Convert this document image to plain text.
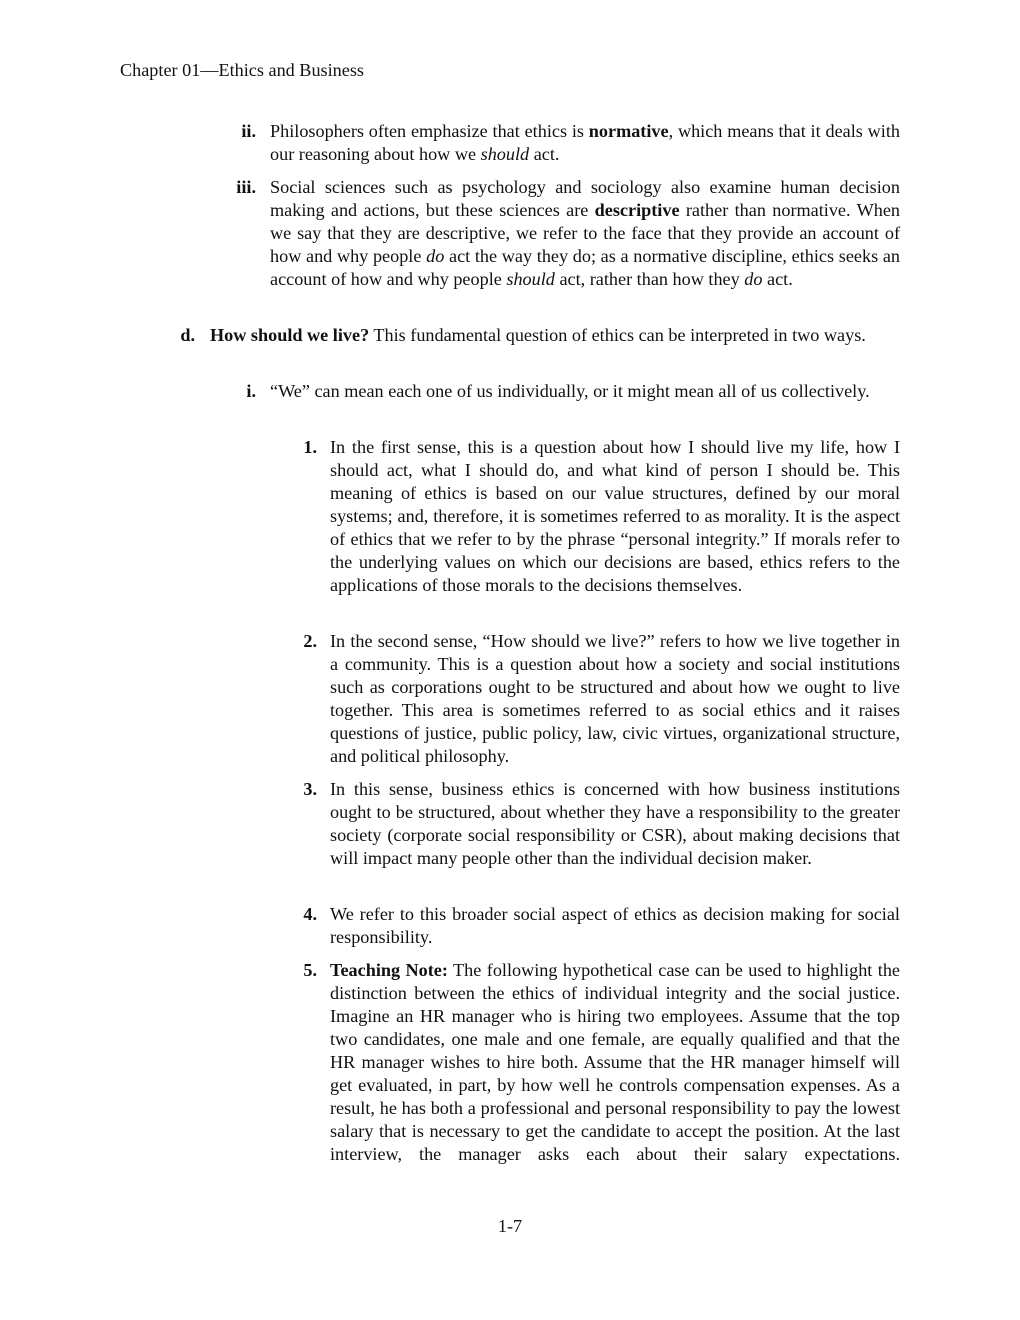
Chapter 01—Ethics and Business
ii. Philosophers often emphasize that ethics is normative, which means that it deals with our reasoning about how we should act.
iii. Social sciences such as psychology and sociology also examine human decision making and actions, but these sciences are descriptive rather than normative. When we say that they are descriptive, we refer to the face that they provide an account of how and why people do act the way they do; as a normative discipline, ethics seeks an account of how and why people should act, rather than how they do act.
d. How should we live? This fundamental question of ethics can be interpreted in two ways.
i. “We” can mean each one of us individually, or it might mean all of us collectively.
1. In the first sense, this is a question about how I should live my life, how I should act, what I should do, and what kind of person I should be. This meaning of ethics is based on our value structures, defined by our moral systems; and, therefore, it is sometimes referred to as morality. It is the aspect of ethics that we refer to by the phrase “personal integrity.” If morals refer to the underlying values on which our decisions are based, ethics refers to the applications of those morals to the decisions themselves.
2. In the second sense, “How should we live?” refers to how we live together in a community. This is a question about how a society and social institutions such as corporations ought to be structured and about how we ought to live together. This area is sometimes referred to as social ethics and it raises questions of justice, public policy, law, civic virtues, organizational structure, and political philosophy.
3. In this sense, business ethics is concerned with how business institutions ought to be structured, about whether they have a responsibility to the greater society (corporate social responsibility or CSR), about making decisions that will impact many people other than the individual decision maker.
4. We refer to this broader social aspect of ethics as decision making for social responsibility.
5. Teaching Note: The following hypothetical case can be used to highlight the distinction between the ethics of individual integrity and the social justice. Imagine an HR manager who is hiring two employees. Assume that the top two candidates, one male and one female, are equally qualified and that the HR manager wishes to hire both. Assume that the HR manager himself will get evaluated, in part, by how well he controls compensation expenses. As a result, he has both a professional and personal responsibility to pay the lowest salary that is necessary to get the candidate to accept the position. At the last interview, the manager asks each about their salary expectations.
1-7
